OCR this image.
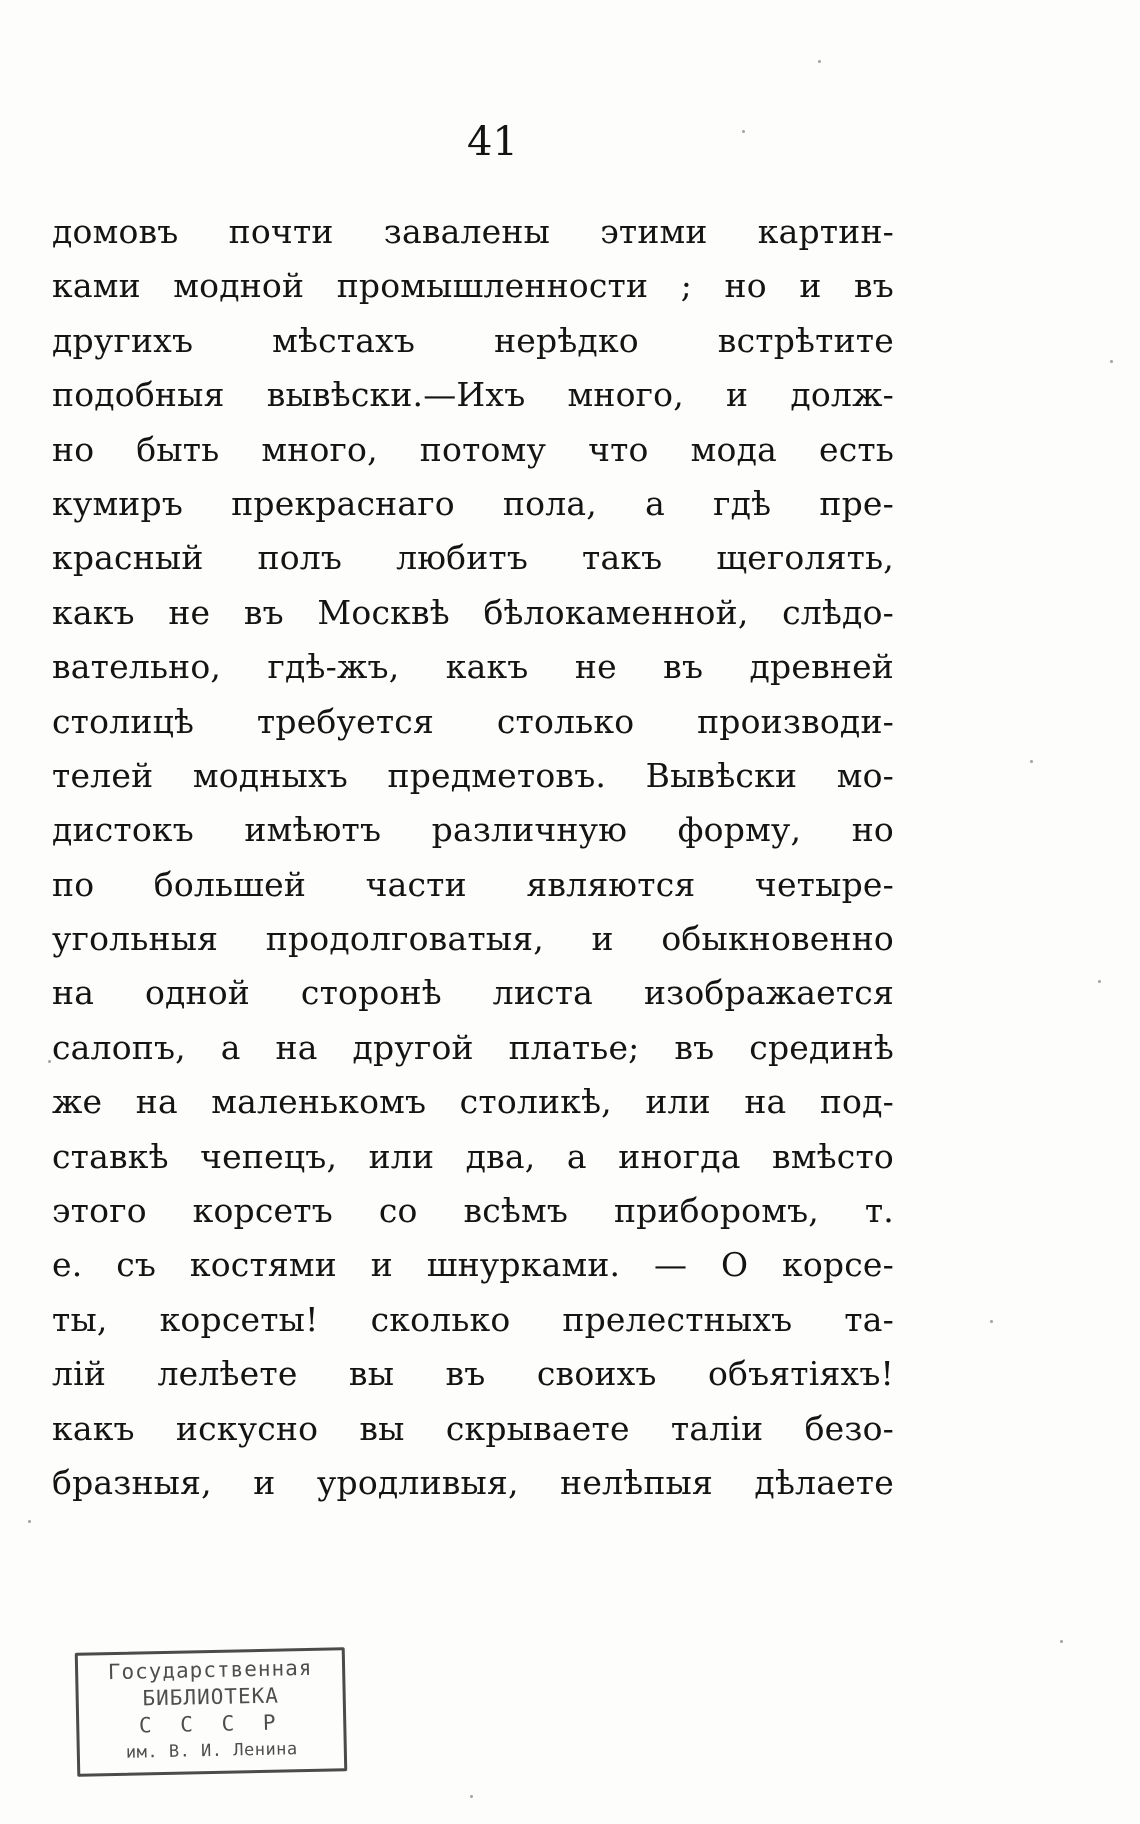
41
домовъ почти завалены этими картин-
ками модной промышленности ; но и въ
другихъ мѣстахъ нерѣдко встрѣтите
подобныя вывѣски.—Ихъ много, и долж-
но быть много, потому что мода есть
кумиръ прекраснаго пола, а гдѣ пре-
красный полъ любитъ такъ щеголять,
какъ не въ Москвѣ бѣлокаменной, слѣдо-
вательно, гдѣ-жъ, какъ не въ древней
столицѣ требуется столько производи-
телей модныхъ предметовъ. Вывѣски мо-
дистокъ имѣютъ различную форму, но
по большей части являются четыре-
угольныя продолговатыя, и обыкновенно
на одной сторонѣ листа изображается
салопъ, а на другой платье; въ срединѣ
же на маленькомъ столикѣ, или на под-
ставкѣ чепецъ, или два, а иногда вмѣсто
этого корсетъ со всѣмъ приборомъ, т.
е. съ костями и шнурками. — О корсе-
ты, корсеты! сколько прелестныхъ та-
лій лелѣете вы въ своихъ объятіяхъ!
какъ искусно вы скрываете таліи безо-
бразныя, и уродливыя, нелѣпыя дѣлаете
Государственная
БИБЛИОТЕКА
С С С Р
им. В. И. Ленина
